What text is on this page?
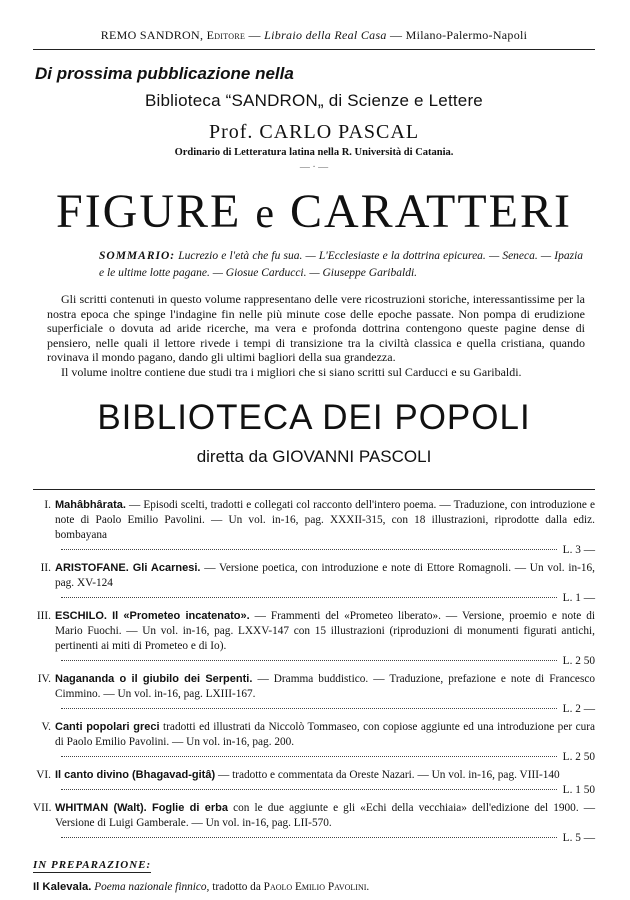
REMO SANDRON, Editore — Libraio della Real Casa — Milano-Palermo-Napoli
Di prossima pubblicazione nella
Biblioteca “SANDRON„ di Scienze e Lettere
Prof. CARLO PASCAL
Ordinario di Letteratura latina nella R. Università di Catania.
— · —
FIGURE e CARATTERI
SOMMARIO: Lucrezio e l'età che fu sua. — L'Ecclesiaste e la dottrina epicurea. — Seneca. — Ipazia e le ultime lotte pagane. — Giosue Carducci. — Giuseppe Garibaldi.
Gli scritti contenuti in questo volume rappresentano delle vere ricostruzioni storiche, interessantissime per la nostra epoca che spinge l'indagine fin nelle più minute cose delle epoche passate. Non pompa di erudizione superficiale o dovuta ad aride ricerche, ma vera e profonda dottrina contengono queste pagine dense di pensiero, nelle quali il lettore rivede i tempi di transizione tra la civiltà classica e quella cristiana, quando rovinava il mondo pagano, dando gli ultimi bagliori della sua grandezza.
Il volume inoltre contiene due studi tra i migliori che si siano scritti sul Carducci e su Garibaldi.
BIBLIOTECA DEI POPOLI
diretta da GIOVANNI PASCOLI
I. Mahâbhârata. — Episodi scelti, tradotti e collegati col racconto dell'intero poema. — Traduzione, con introduzione e note di Paolo Emilio Pavolini. — Un vol. in-16, pag. XXXII-315, con 18 illustrazioni, riprodotte dalla ediz. bombayana
L. 3 —
II. ARISTOFANE. Gli Acarnesi. — Versione poetica, con introduzione e note di Ettore Romagnoli. — Un vol. in-16, pag. XV-124
L. 1 —
III. ESCHILO. Il «Prometeo incatenato». — Frammenti del «Prometeo liberato». — Versione, proemio e note di Mario Fuochi. — Un vol. in-16, pag. LXXV-147 con 15 illustrazioni (riproduzioni di monumenti figurati antichi, pertinenti ai miti di Prometeo e di Io).
L. 2 50
IV. Nagananda o il giubilo dei Serpenti. — Dramma buddistico. — Traduzione, prefazione e note di Francesco Cimmino. — Un vol. in-16, pag. LXIII-167.
L. 2 —
V. Canti popolari greci tradotti ed illustrati da Niccolò Tommaseo, con copiose aggiunte ed una introduzione per cura di Paolo Emilio Pavolini. — Un vol. in-16, pag. 200.
L. 2 50
VI. Il canto divino (Bhagavad-gitâ) — tradotto e commentata da Oreste Nazari. — Un vol. in-16, pag. VIII-140
L. 1 50
VII. WHITMAN (Walt). Foglie di erba con le due aggiunte e gli «Echi della vecchiaia» dell'edizione del 1900. — Versione di Luigi Gamberale. — Un vol. in-16, pag. LII-570.
L. 5 —
IN PREPARAZIONE:
Il Kalevala. Poema nazionale finnico, tradotto da Paolo Emilio Pavolini.
